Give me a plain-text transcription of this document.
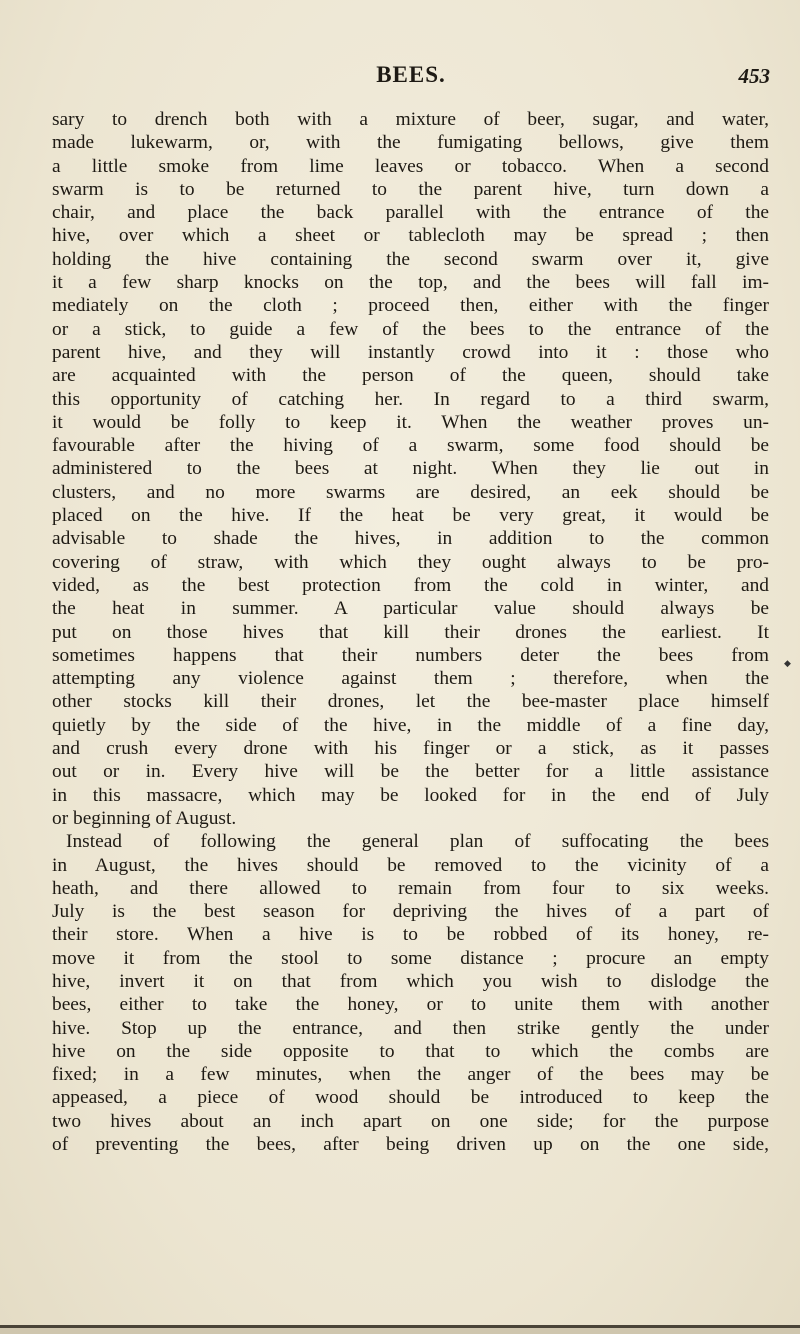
BEES.	453
sary to drench both with a mixture of beer, sugar, and water,
made lukewarm, or, with the fumigating bellows, give them
a little smoke from lime leaves or tobacco. When a second
swarm is to be returned to the parent hive, turn down a
chair, and place the back parallel with the entrance of the
hive, over which a sheet or tablecloth may be spread ; then
holding the hive containing the second swarm over it, give
it a few sharp knocks on the top, and the bees will fall im-
mediately on the cloth ; proceed then, either with the finger
or a stick, to guide a few of the bees to the entrance of the
parent hive, and they will instantly crowd into it : those who
are acquainted with the person of the queen, should take
this opportunity of catching her. In regard to a third swarm,
it would be folly to keep it. When the weather proves un-
favourable after the hiving of a swarm, some food should be
administered to the bees at night. When they lie out in
clusters, and no more swarms are desired, an eek should be
placed on the hive. If the heat be very great, it would be
advisable to shade the hives, in addition to the common
covering of straw, with which they ought always to be pro-
vided, as the best protection from the cold in winter, and
the heat in summer. A particular value should always be
put on those hives that kill their drones the earliest. It
sometimes happens that their numbers deter the bees from
attempting any violence against them ; therefore, when the
other stocks kill their drones, let the bee-master place himself
quietly by the side of the hive, in the middle of a fine day,
and crush every drone with his finger or a stick, as it passes
out or in. Every hive will be the better for a little assistance
in this massacre, which may be looked for in the end of July
or beginning of August.
Instead of following the general plan of suffocating the bees
in August, the hives should be removed to the vicinity of a
heath, and there allowed to remain from four to six weeks.
July is the best season for depriving the hives of a part of
their store. When a hive is to be robbed of its honey, re-
move it from the stool to some distance ; procure an empty
hive, invert it on that from which you wish to dislodge the
bees, either to take the honey, or to unite them with another
hive. Stop up the entrance, and then strike gently the under
hive on the side opposite to that to which the combs are
fixed; in a few minutes, when the anger of the bees may be
appeased, a piece of wood should be introduced to keep the
two hives about an inch apart on one side; for the purpose
of preventing the bees, after being driven up on the one side,
◆
